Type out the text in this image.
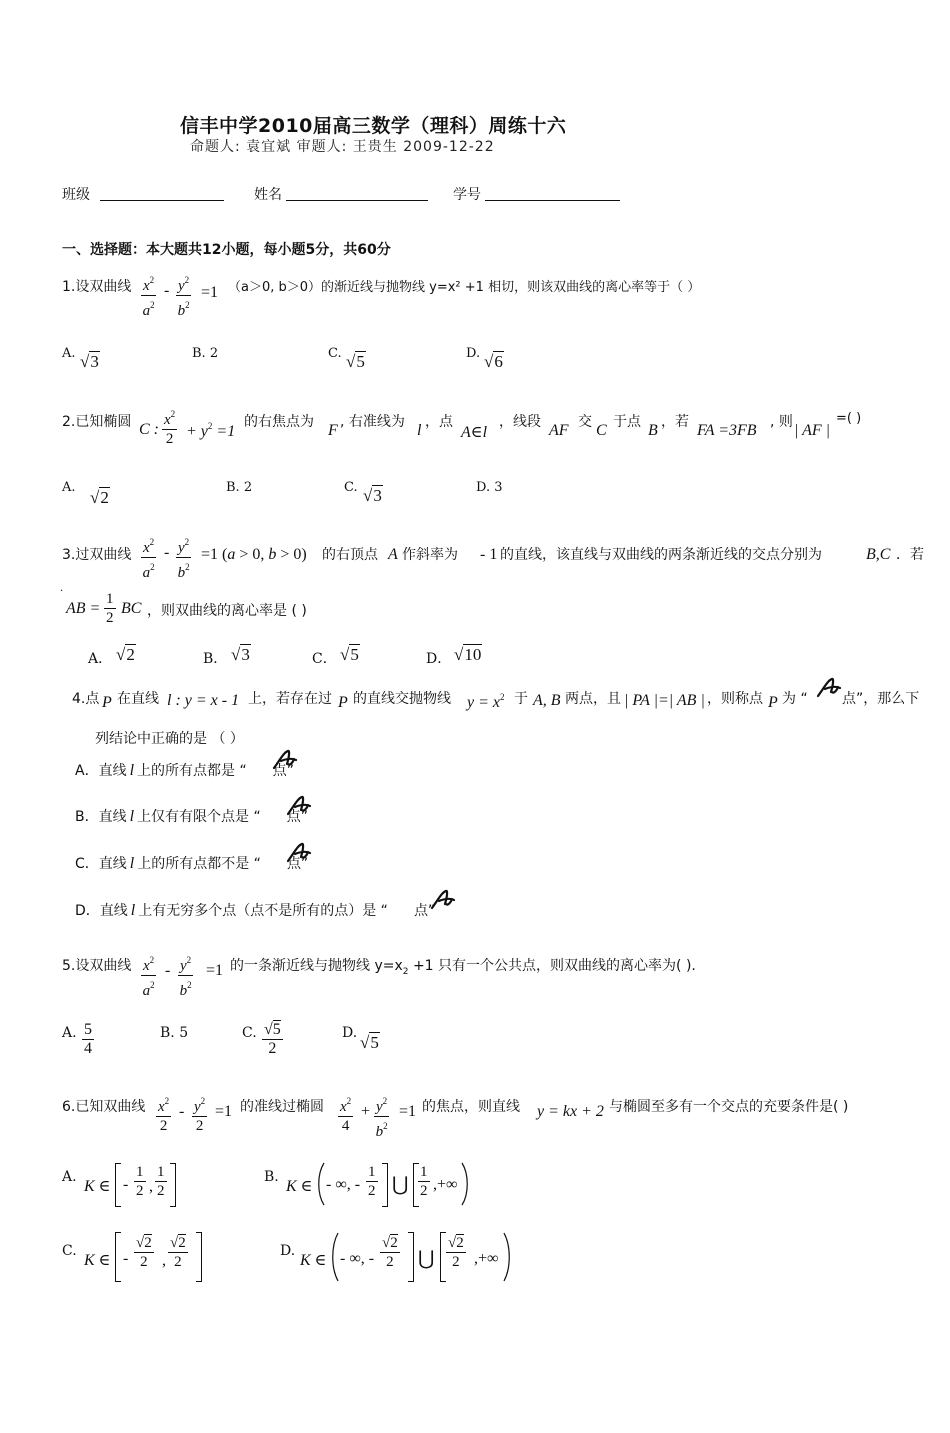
信丰中学2010届高三数学（理科）周练十六
命题人: 袁宜斌 审题人: 王贵生 2009-12-22
班级	姓名	学号
一、选择题：本大题共12小题，每小题5分，共60分
1.设双曲线 $\frac{x^2}{a^2} - \frac{y^2}{b^2} =1$ （a＞0, b＞0）的渐近线与抛物线 y=x² +1 相切，则该双曲线的离心率等于（ ）
A. √3	B. 2	C. √5	D. √6
2.已知椭圆 C : $\frac{x^2}{2} + y^2 =1$
的右焦点为 F , 右准线为 l ，点
A∈l
，线段 AF 交 C 于点 B ，若 FA =3FB , 则 | AF |
=( )
A.
√2
B. 2	C. √3	D. 3
3.过双曲线 $\frac{x^2}{a^2} - \frac{y^2}{b^2} =1$ (a > 0, b > 0) 的右顶点 A 作斜率为 - 1 的直线，该直线与双曲线的两条渐近线的交点分别为	B,C ．若
.
AB = $\frac{1}{2}$ BC ，则双曲线的离心率是 ( )
A． √2	B． √3	C． √5	D． √10
4.点 P 在直线 l : y = x - 1 上，若存在过 P 的直线交抛物线 $y = x^2$ 于 A, B 两点，且 | PA |=| AB | ，则称点 P 为 “ 点”，那么下
列结论中正确的是 （ ）
A．直线 l 上的所有点都是 “ 点”
B．直线 l 上仅有有限个点是 “ 点”
C．直线 l 上的所有点都不是 “ 点”
D．直线 l 上有无穷多个点（点不是所有的点）是 “ 点”
5.设双曲线 $\frac{x^2}{a^2} - \frac{y^2}{b^2} =1$ 的一条渐近线与抛物线 $y=x_2 +1$ 只有一个公共点，则双曲线的离心率为( ).
A. $\frac{5}{4}$	B. 5	C. $\frac{√5}{2}$	D. √5
6.已知双曲线 $\frac{x^2}{2} - \frac{y^2}{2} =1$ 的准线过椭圆 $\frac{x^2}{4} + \frac{y^2}{b^2} =1$ 的焦点，则直线 y = kx + 2 与椭圆至多有一个交点的充要条件是( )
A.
K ∈ - $\frac{1}{2}$ , $\frac{1}{2}$	B.
K ∈ - ∞, - $\frac{1}{2}$ ⋃ $\frac{1}{2}$ ,+∞
C.
K ∈ - $\frac{√2}{2}$ , $\frac{√2}{2}$	D.
K ∈ - ∞, - $\frac{√2}{2}$ ⋃ $\frac{√2}{2}$ ,+∞
